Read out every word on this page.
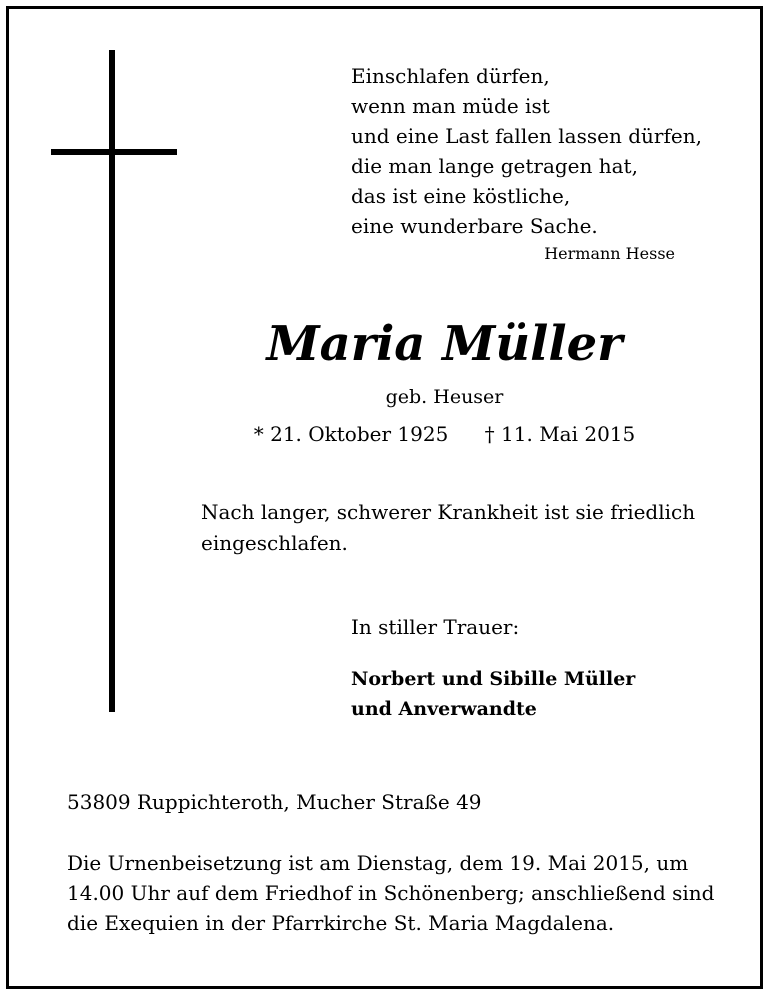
Einschlafen dürfen,
wenn man müde ist
und eine Last fallen lassen dürfen,
die man lange getragen hat,
das ist eine köstliche,
eine wunderbare Sache.
Hermann Hesse
Maria Müller
geb. Heuser
* 21. Oktober 1925 † 11. Mai 2015
Nach langer, schwerer Krankheit ist sie friedlich eingeschlafen.
In stiller Trauer:
Norbert und Sibille Müller
und Anverwandte
53809 Ruppichteroth, Mucher Straße 49
Die Urnenbeisetzung ist am Dienstag, dem 19. Mai 2015, um
14.00 Uhr auf dem Friedhof in Schönenberg; anschließend sind
die Exequien in der Pfarrkirche St. Maria Magdalena.
